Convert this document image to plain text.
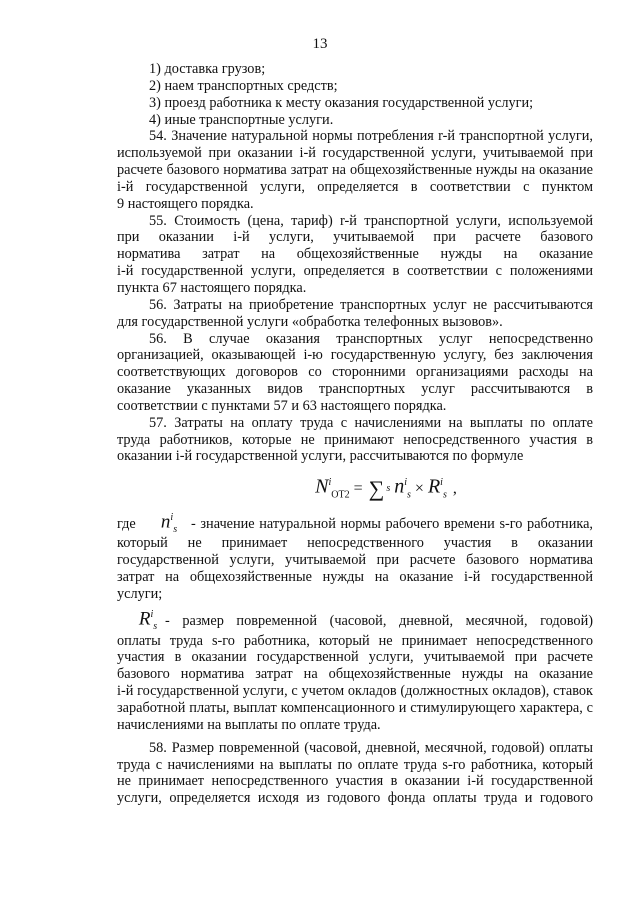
13
1) доставка грузов;
2) наем транспортных средств;
3) проезд работника к месту оказания государственной услуги;
4) иные транспортные услуги.
54. Значение натуральной нормы потребления r-й транспортной услуги,
используемой при оказании i-й государственной услуги, учитываемой при
расчете базового норматива затрат на общехозяйственные нужды на оказание
i-й государственной услуги, определяется в соответствии с пунктом
9 настоящего порядка.
55. Стоимость (цена, тариф) r-й транспортной услуги, используемой
при оказании i-й услуги, учитываемой при расчете базового
норматива затрат на общехозяйственные нужды на оказание
i-й государственной услуги, определяется в соответствии с положениями
пункта 67 настоящего порядка.
56. Затраты на приобретение транспортных услуг не рассчитываются
для государственной услуги «обработка телефонных вызовов».
56. В случае оказания транспортных услуг непосредственно
организацией, оказывающей i-ю государственную услугу, без заключения
соответствующих договоров со сторонними организациями расходы на
оказание указанных видов транспортных услуг рассчитываются в
соответствии с пунктами 57 и 63 настоящего порядка.
57. Затраты на оплату труда с начислениями на выплаты по оплате
труда работников, которые не принимают непосредственного участия в
оказании i-й государственной услуги, рассчитываются по формуле
$N^i_{ОТ2}$ = ∑ s $n^i_s \times R^i_s$ ,
где	$n^i_s$ - значение натуральной нормы рабочего времени s-го работника,
который не принимает непосредственного участия в оказании
государственной услуги, учитываемой при расчете базового норматива
затрат на общехозяйственные нужды на оказание i-й государственной
услуги;
$R^i_s$ - размер повременной (часовой, дневной, месячной, годовой)
оплаты труда s-го работника, который не принимает непосредственного
участия в оказании государственной услуги, учитываемой при расчете
базового норматива затрат на общехозяйственные нужды на оказание
i-й государственной услуги, с учетом окладов (должностных окладов), ставок
заработной платы, выплат компенсационного и стимулирующего характера, с
начислениями на выплаты по оплате труда.
58. Размер повременной (часовой, дневной, месячной, годовой) оплаты
труда с начислениями на выплаты по оплате труда s-го работника, который
не принимает непосредственного участия в оказании i-й государственной
услуги, определяется исходя из годового фонда оплаты труда и годового
